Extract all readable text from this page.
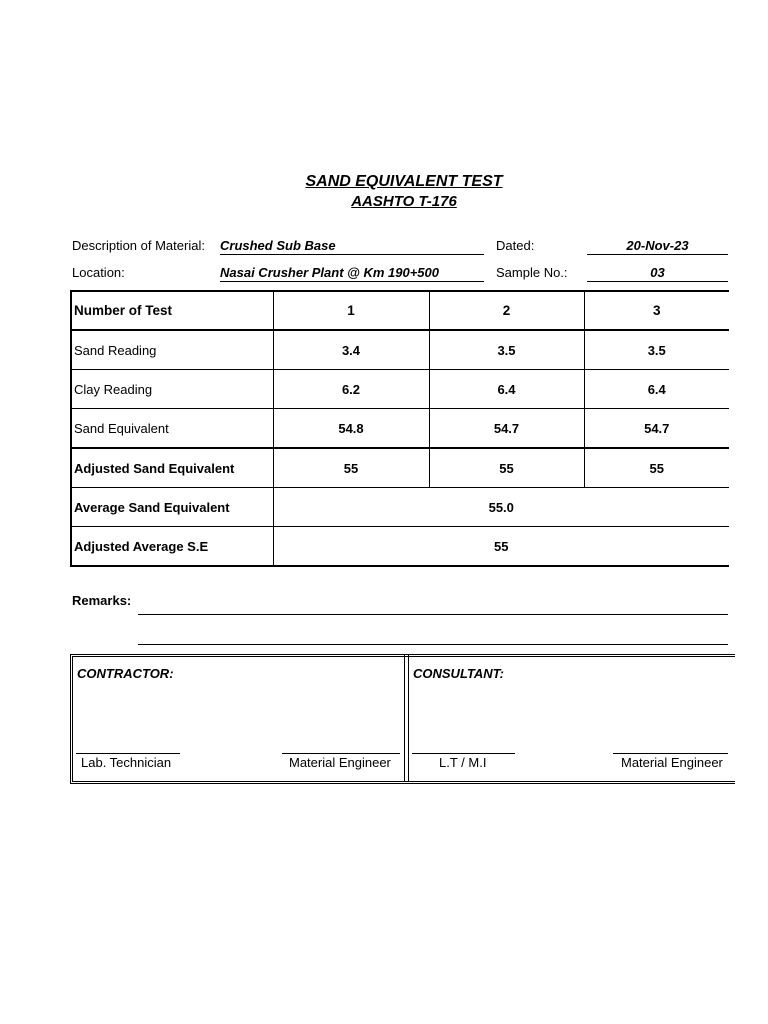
SAND EQUIVALENT TEST
AASHTO T-176
Description of Material: Crushed Sub Base	Dated:	20-Nov-23
Location:	Nasai Crusher Plant @ Km 190+500	Sample No.:	03
Number of Test	1	2	3
Sand Reading	3.4	3.5	3.5
Clay Reading	6.2	6.4	6.4
Sand Equivalent	54.8	54.7	54.7
Adjusted Sand Equivalent	55	55	55
Average Sand Equivalent	55.0		
Adjusted Average S.E	55		
Remarks:
CONTRACTOR:	CONSULTANT:
Lab. Technician	Material Engineer	L.T / M.I	Material Engineer
